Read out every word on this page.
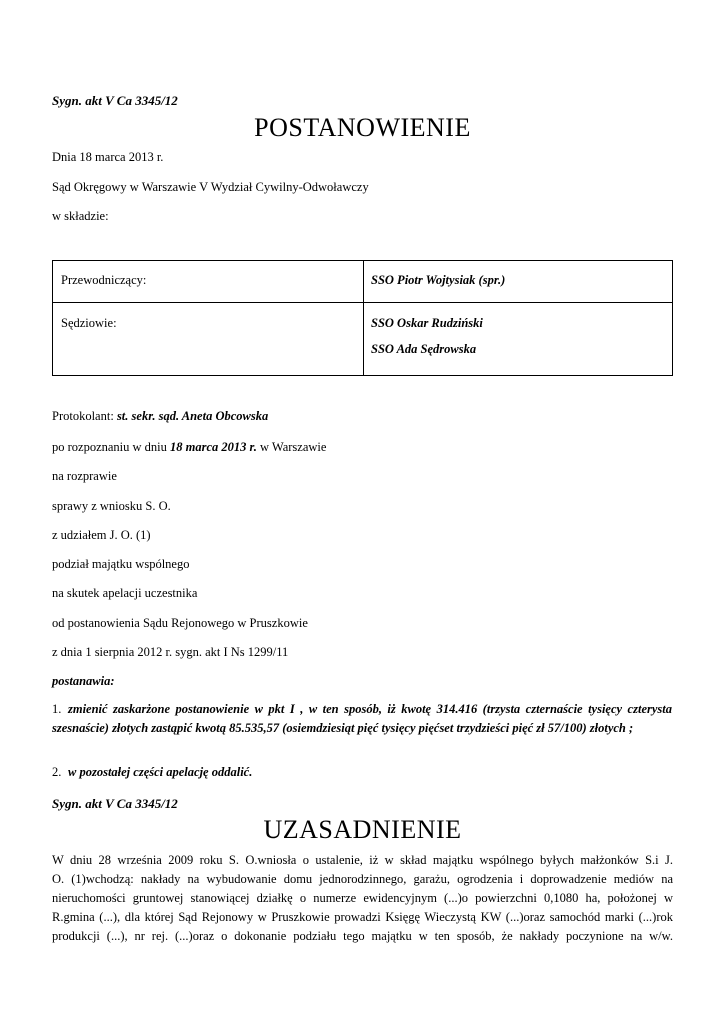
Sygn. akt V Ca 3345/12
POSTANOWIENIE
Dnia 18 marca 2013 r.
Sąd Okręgowy w Warszawie V Wydział Cywilny-Odwoławczy
w składzie:
Przewodniczący:	SSO Piotr Wojtysiak (spr.)

Sędziowie:	SSO Oskar Rudziński
SSO Ada Sędrowska
Protokolant: st. sekr. sąd. Aneta Obcowska
po rozpoznaniu w dniu 18 marca 2013 r. w Warszawie
na rozprawie
sprawy z wniosku S. O.
z udziałem J. O. (1)
podział majątku wspólnego
na skutek apelacji uczestnika
od postanowienia Sądu Rejonowego w Pruszkowie
z dnia 1 sierpnia 2012 r. sygn. akt I Ns 1299/11
postanawia:
1. zmienić zaskarżone postanowienie w pkt I , w ten sposób, iż kwotę 314.416 (trzysta czternaście tysięcy czterysta szesnaście) złotych zastąpić kwotą 85.535,57 (osiemdziesiąt pięć tysięcy pięćset trzydzieści pięć zł 57/100) złotych ;
2. w pozostałej części apelację oddalić.
Sygn. akt V Ca 3345/12
UZASADNIENIE
W dniu 28 września 2009 roku S. O.wniosła o ustalenie, iż w skład majątku wspólnego byłych małżonków S.i J.
O. (1)wchodzą: nakłady na wybudowanie domu jednorodzinnego, garażu, ogrodzenia i doprowadzenie mediów na
nieruchomości gruntowej stanowiącej działkę o numerze ewidencyjnym (...)o powierzchni 0,1080 ha, położonej w
R.gmina (...), dla której Sąd Rejonowy w Pruszkowie prowadzi Księgę Wieczystą KW (...)oraz samochód marki (...)rok
produkcji (...), nr rej. (...)oraz o dokonanie podziału tego majątku w ten sposób, że nakłady poczynione na w/w.
